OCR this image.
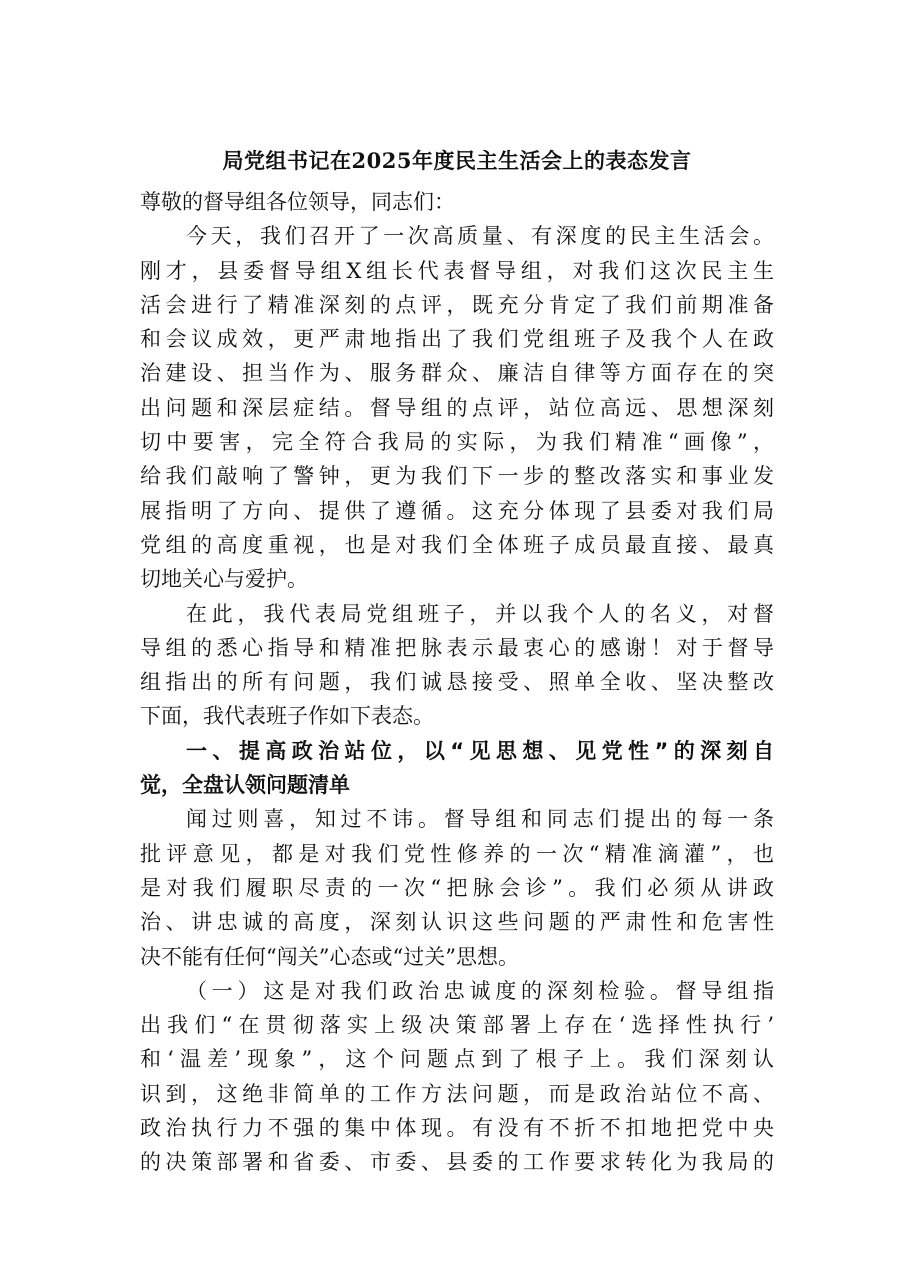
局党组书记在2025年度民主生活会上的表态发言

尊敬的督导组各位领导，同志们：

今天，我们召开了一次高质量、有深度的民主生活会。
刚才，县委督导组X组长代表督导组，对我们这次民主生
活会进行了精准深刻的点评，既充分肯定了我们前期准备
和会议成效，更严肃地指出了我们党组班子及我个人在政
治建设、担当作为、服务群众、廉洁自律等方面存在的突
出问题和深层症结。督导组的点评，站位高远、思想深刻
切中要害，完全符合我局的实际，为我们精准“画像”，
给我们敲响了警钟，更为我们下一步的整改落实和事业发
展指明了方向、提供了遵循。这充分体现了县委对我们局
党组的高度重视，也是对我们全体班子成员最直接、最真
切地关心与爱护。

在此，我代表局党组班子，并以我个人的名义，对督
导组的悉心指导和精准把脉表示最衷心的感谢！对于督导
组指出的所有问题，我们诚恳接受、照单全收、坚决整改
下面，我代表班子作如下表态。

一、提高政治站位，以“见思想、见党性”的深刻自
觉，全盘认领问题清单

闻过则喜，知过不讳。督导组和同志们提出的每一条
批评意见，都是对我们党性修养的一次“精准滴灌”，也
是对我们履职尽责的一次“把脉会诊”。我们必须从讲政
治、讲忠诚的高度，深刻认识这些问题的严肃性和危害性
决不能有任何“闯关”心态或“过关”思想。

（一）这是对我们政治忠诚度的深刻检验。督导组指
出我们“在贯彻落实上级决策部署上存在‘选择性执行’
和‘温差’现象”，这个问题点到了根子上。我们深刻认
识到，这绝非简单的工作方法问题，而是政治站位不高、
政治执行力不强的集中体现。有没有不折不扣地把党中央
的决策部署和省委、市委、县委的工作要求转化为我局的
